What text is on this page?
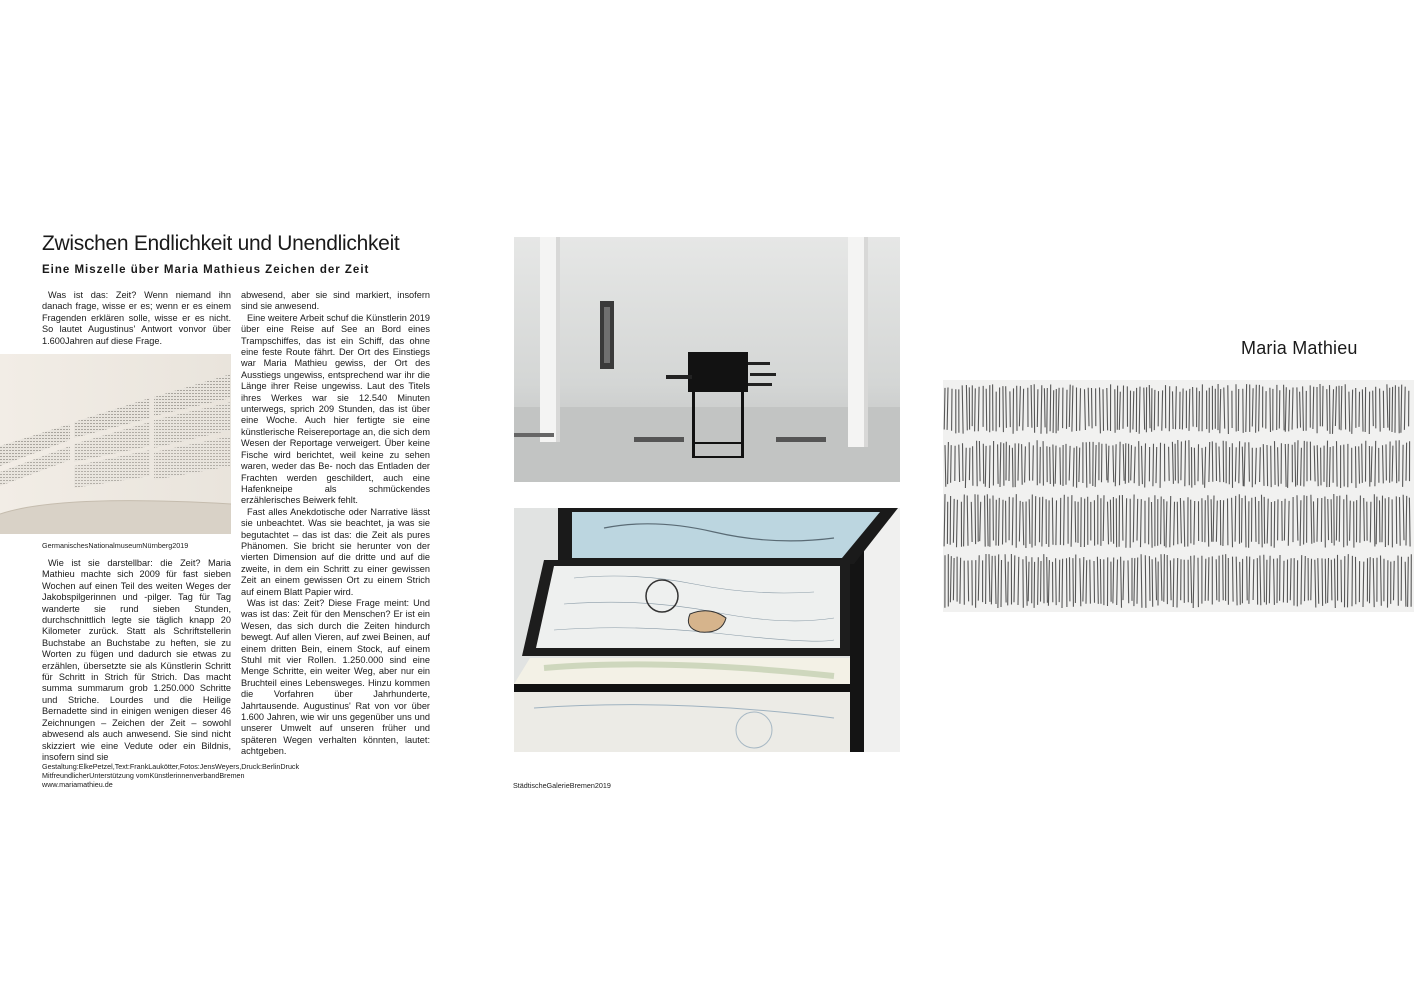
Zwischen Endlichkeit und Unendlichkeit
Eine Miszelle über Maria Mathieus Zeichen der Zeit

Was ist das: Zeit? Wenn niemand ihn danach frage, wisse er es; wenn er es einem Fragenden erklären solle, wisse er es nicht. So lautet Augustinus' Antwort vonvor über 1.600Jahren auf diese Frage.

GermanischesNationalmuseumNürnberg2019

Wie ist sie darstellbar: die Zeit? Maria Mathieu machte sich 2009 für fast sieben Wochen auf einen Teil des weiten Weges der Jakobspilgerinnen und -pilger. Tag für Tag wanderte sie rund sieben Stunden, durchschnittlich legte sie täglich knapp 20 Kilometer zurück. Statt als Schriftstellerin Buchstabe an Buchstabe zu heften, sie zu Worten zu fügen und dadurch sie etwas zu erzählen, übersetzte sie als Künstlerin Schritt für Schritt in Strich für Strich. Das macht summa summarum grob 1.250.000 Schritte und Striche. Lourdes und die Heilige Bernadette sind in einigen wenigen dieser 46 Zeichnungen – Zeichen der Zeit – sowohl abwesend als auch anwesend. Sie sind nicht skizziert wie eine Vedute oder ein Bildnis, insofern sind sie

abwesend, aber sie sind markiert, insofern sind sie anwesend.

Eine weitere Arbeit schuf die Künstlerin 2019 über eine Reise auf See an Bord eines Trampschiffes, das ist ein Schiff, das ohne eine feste Route fährt. Der Ort des Einstiegs war Maria Mathieu gewiss, der Ort des Ausstiegs ungewiss, entsprechend war ihr die Länge ihrer Reise ungewiss. Laut des Titels ihres Werkes war sie 12.540 Minuten unterwegs, sprich 209 Stunden, das ist über eine Woche. Auch hier fertigte sie eine künstlerische Reisereportage an, die sich dem Wesen der Reportage verweigert. Über keine Fische wird berichtet, weil keine zu sehen waren, weder das Be- noch das Entladen der Frachten werden geschildert, auch eine Hafenkneipe als schmückendes erzählerisches Beiwerk fehlt.

Fast alles Anekdotische oder Narrative lässt sie unbeachtet. Was sie beachtet, ja was sie begutachtet – das ist das: die Zeit als pures Phänomen. Sie bricht sie herunter von der vierten Dimension auf die dritte und auf die zweite, in dem ein Schritt zu einer gewissen Zeit an einem gewissen Ort zu einem Strich auf einem Blatt Papier wird.

Was ist das: Zeit? Diese Frage meint: Und was ist das: Zeit für den Menschen? Er ist ein Wesen, das sich durch die Zeiten hindurch bewegt. Auf allen Vieren, auf zwei Beinen, auf einem dritten Bein, einem Stock, auf einem Stuhl mit vier Rollen. 1.250.000 sind eine Menge Schritte, ein weiter Weg, aber nur ein Bruchteil eines Lebensweges. Hinzu kommen die Vorfahren über Jahrhunderte, Jahrtausende. Augustinus' Rat von vor über 1.600 Jahren, wie wir uns gegenüber uns und unserer Umwelt auf unseren früher und späteren Wegen verhalten könnten, lautet: achtgeben.

Gestaltung:ElkePetzel,Text:FrankLaukötter,Fotos:JensWeyers,Druck:BerlinDruck
MitfreundlicherUnterstützung vomKünstlerinnenverbandBremen
www.mariamathieu.de	StädtischeGalerieBremen2019
Maria Mathieu
